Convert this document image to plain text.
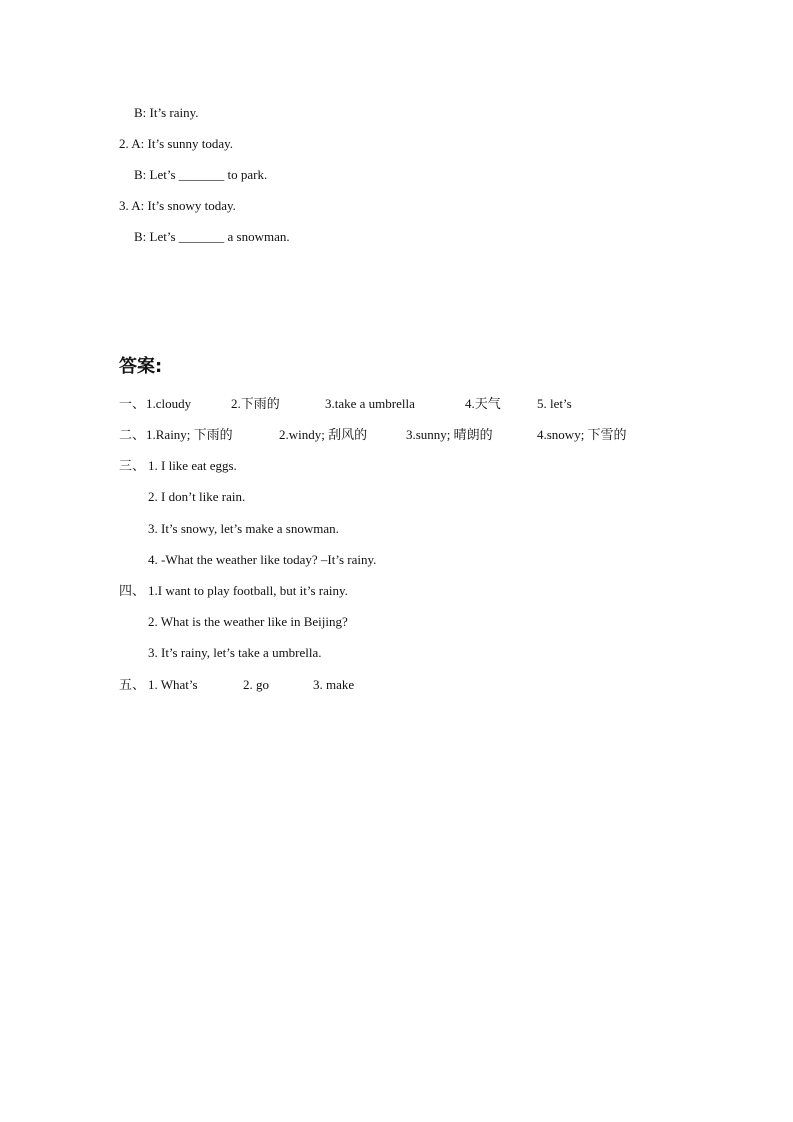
B: It’s rainy.
2. A: It’s sunny today.
B: Let’s _______ to park.
3. A: It’s snowy today.
B: Let’s _______ a snowman.
答案:
一、 1.cloudy	2.下雨的	3.take a umbrella	4.天气	5. let’s
二、 1.Rainy; 下雨的	2.windy; 刮风的	3.sunny; 晴朗的	4.snowy; 下雪的
三、 1. I like eat eggs.
2. I don’t like rain.
3. It’s snowy, let’s make a snowman.
4. -What the weather like today? –It’s rainy.
四、 1.I want to play football, but it’s rainy.
2. What is the weather like in Beijing?
3. It’s rainy, let’s take a umbrella.
五、 1. What’s	2. go	3. make
